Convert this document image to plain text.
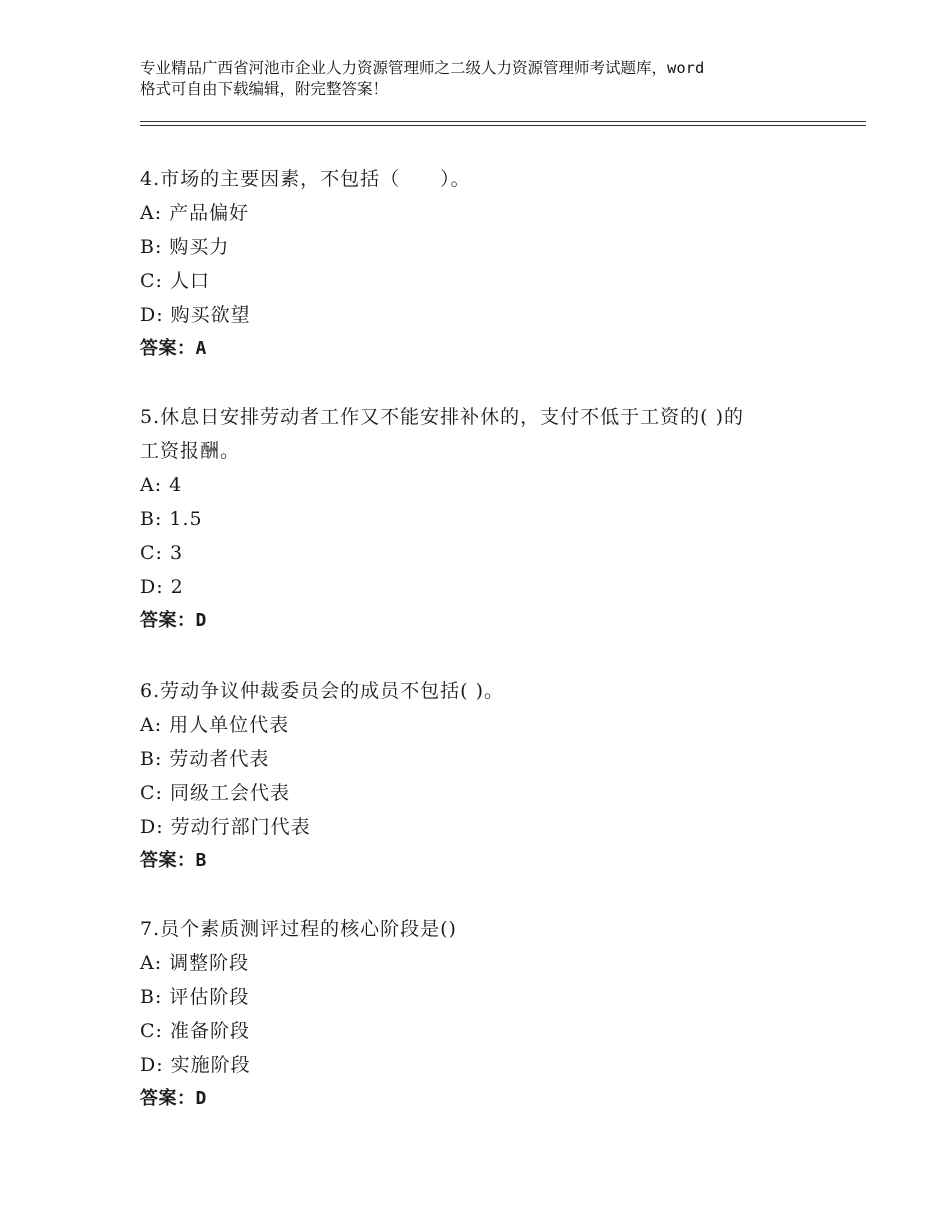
专业精品广西省河池市企业人力资源管理师之二级人力资源管理师考试题库，word
格式可自由下载编辑，附完整答案！
4.市场的主要因素，不包括（　　）。
A: 产品偏好
B: 购买力
C: 人口
D: 购买欲望
答案：A
5.休息日安排劳动者工作又不能安排补休的，支付不低于工资的( )的
工资报酬。
A: 4
B: 1.5
C: 3
D: 2
答案：D
6.劳动争议仲裁委员会的成员不包括( )。
A: 用人单位代表
B: 劳动者代表
C: 同级工会代表
D: 劳动行部门代表
答案：B
7.员个素质测评过程的核心阶段是()
A: 调整阶段
B: 评估阶段
C: 准备阶段
D: 实施阶段
答案：D
